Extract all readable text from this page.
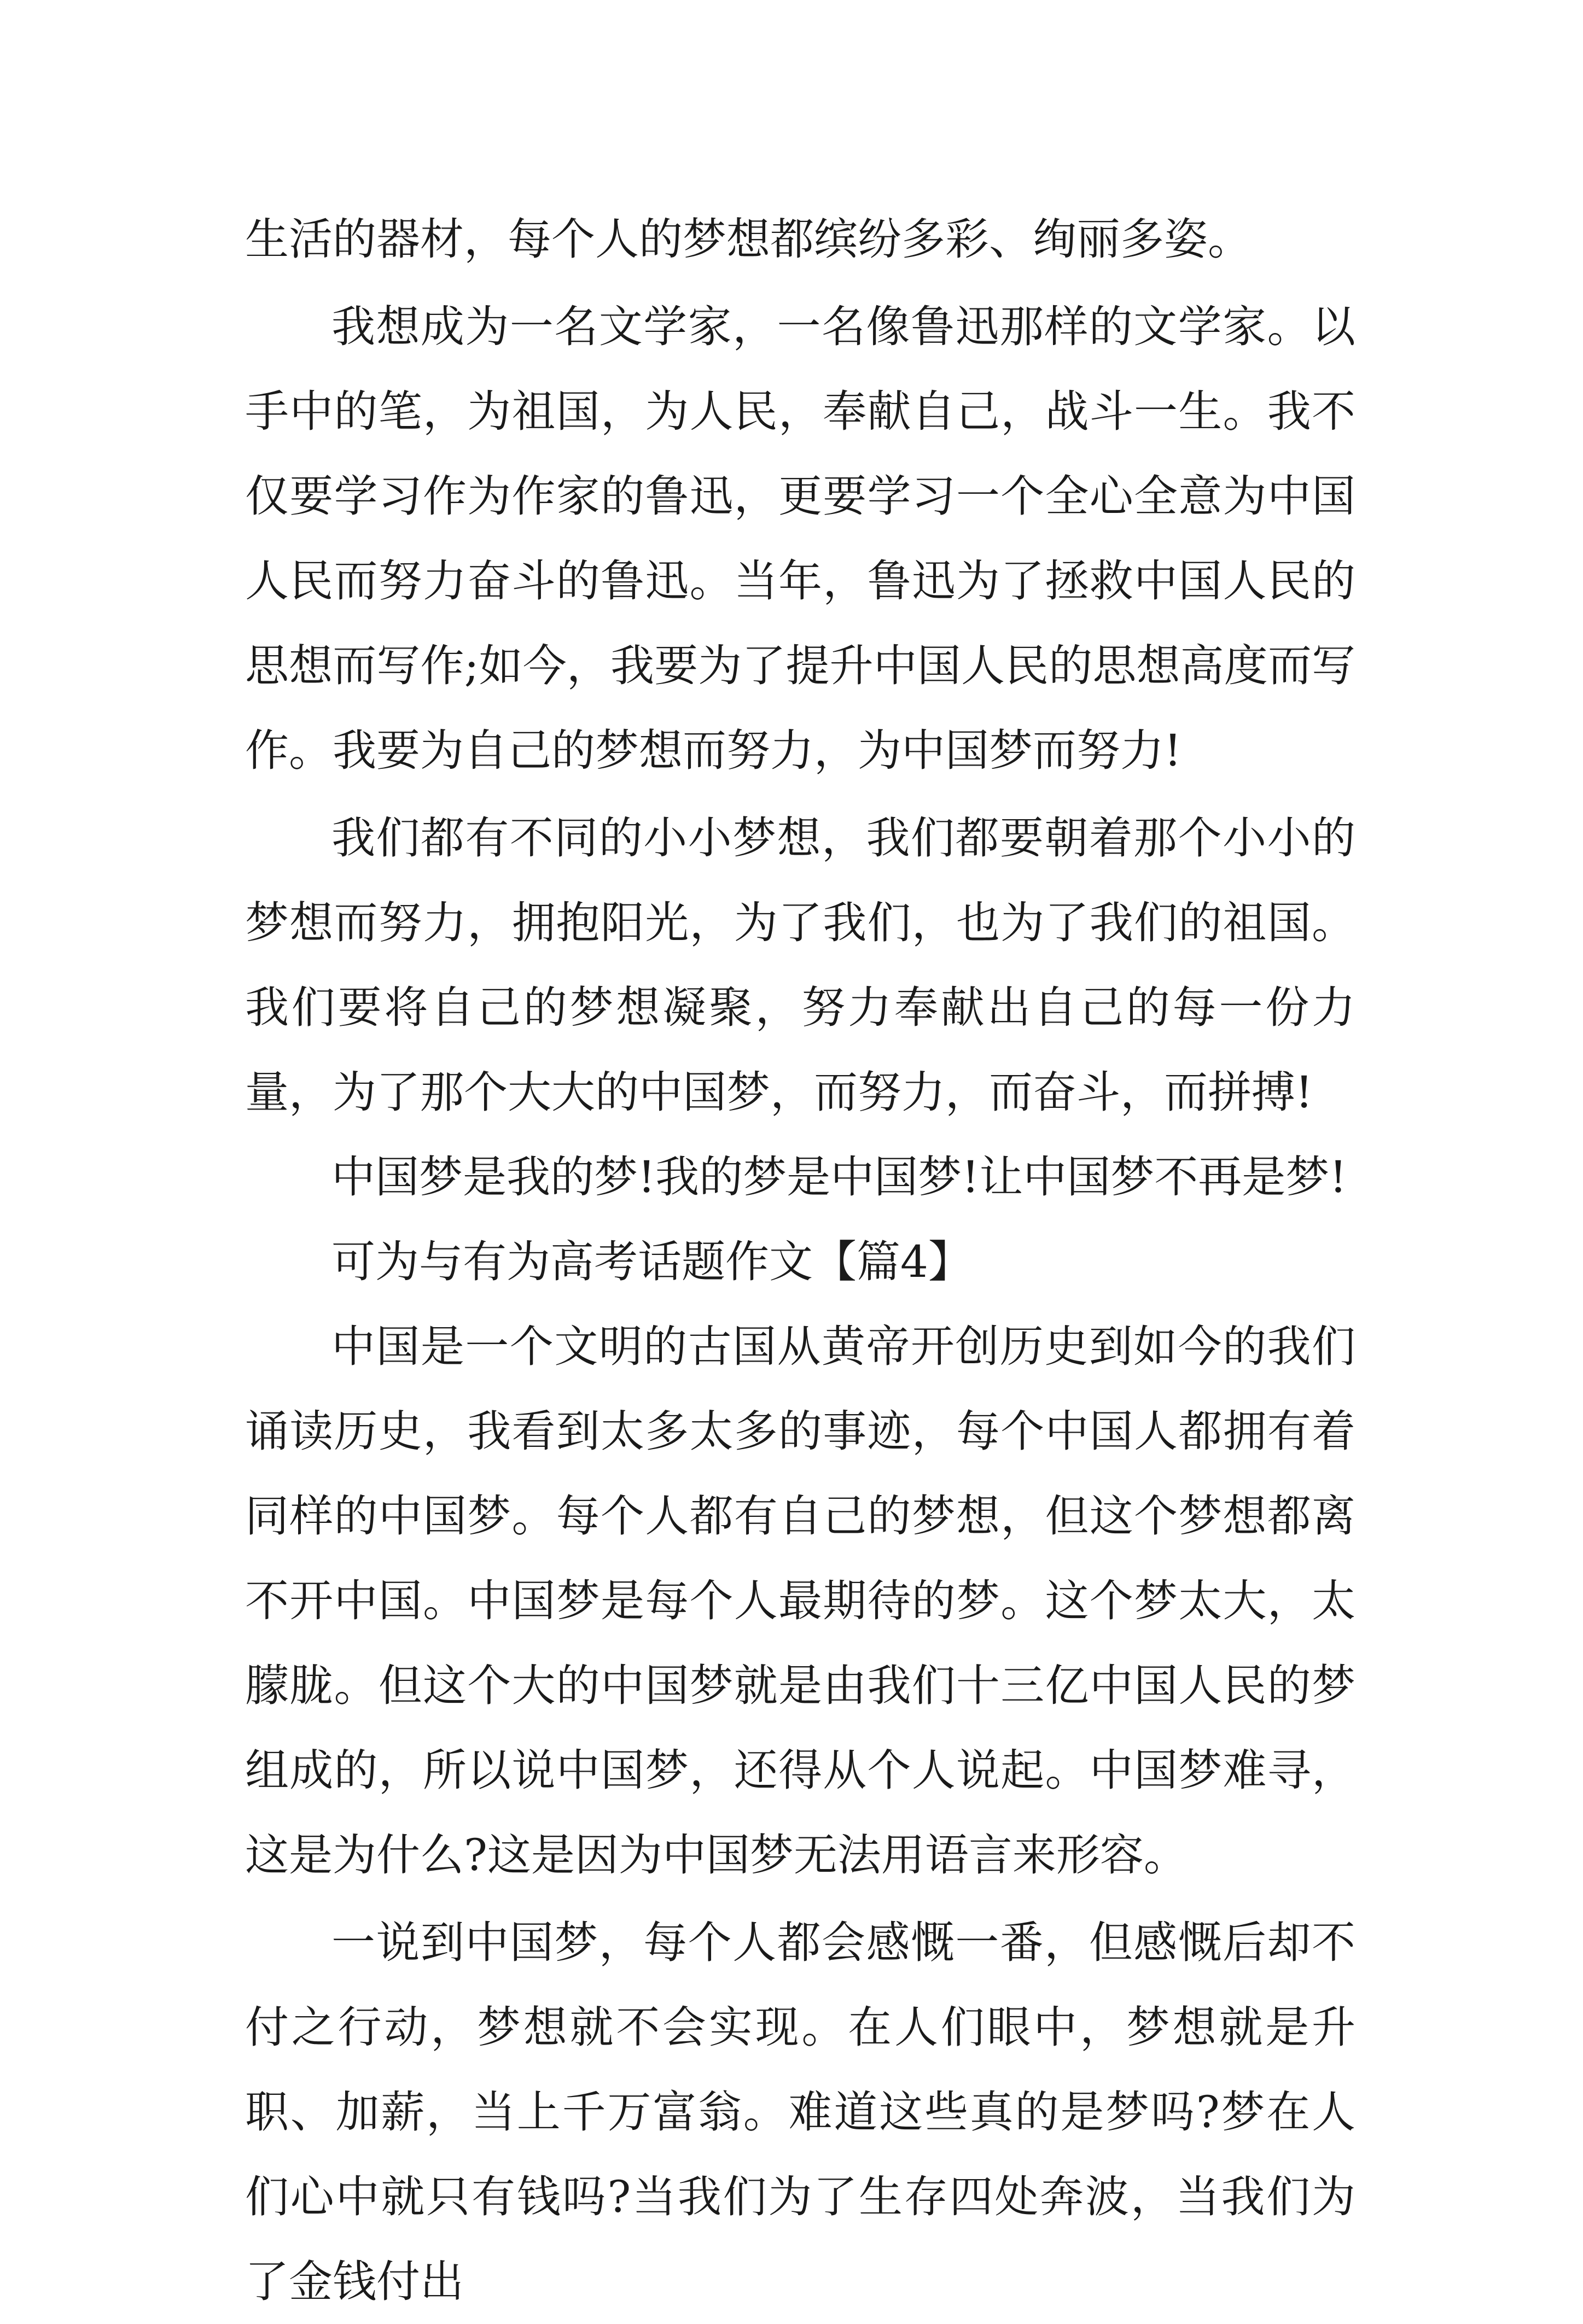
生活的器材，每个人的梦想都缤纷多彩、绚丽多姿。

我想成为一名文学家，一名像鲁迅那样的文学家。以手中的笔，为祖国，为人民，奉献自己，战斗一生。我不仅要学习作为作家的鲁迅，更要学习一个全心全意为中国人民而努力奋斗的鲁迅。当年，鲁迅为了拯救中国人民的思想而写作;如今，我要为了提升中国人民的思想高度而写作。我要为自己的梦想而努力，为中国梦而努力!

我们都有不同的小小梦想，我们都要朝着那个小小的梦想而努力，拥抱阳光，为了我们，也为了我们的祖国。我们要将自己的梦想凝聚，努力奉献出自己的每一份力量，为了那个大大的中国梦，而努力，而奋斗，而拼搏!

中国梦是我的梦!我的梦是中国梦!让中国梦不再是梦!

可为与有为高考话题作文【篇4】

中国是一个文明的古国从黄帝开创历史到如今的我们诵读历史，我看到太多太多的事迹，每个中国人都拥有着同样的中国梦。每个人都有自己的梦想，但这个梦想都离不开中国。中国梦是每个人最期待的梦。这个梦太大，太朦胧。但这个大的中国梦就是由我们十三亿中国人民的梦组成的，所以说中国梦，还得从个人说起。中国梦难寻，这是为什么?这是因为中国梦无法用语言来形容。

一说到中国梦，每个人都会感慨一番，但感慨后却不付之行动，梦想就不会实现。在人们眼中，梦想就是升职、加薪，当上千万富翁。难道这些真的是梦吗?梦在人们心中就只有钱吗?当我们为了生存四处奔波，当我们为了金钱付出
